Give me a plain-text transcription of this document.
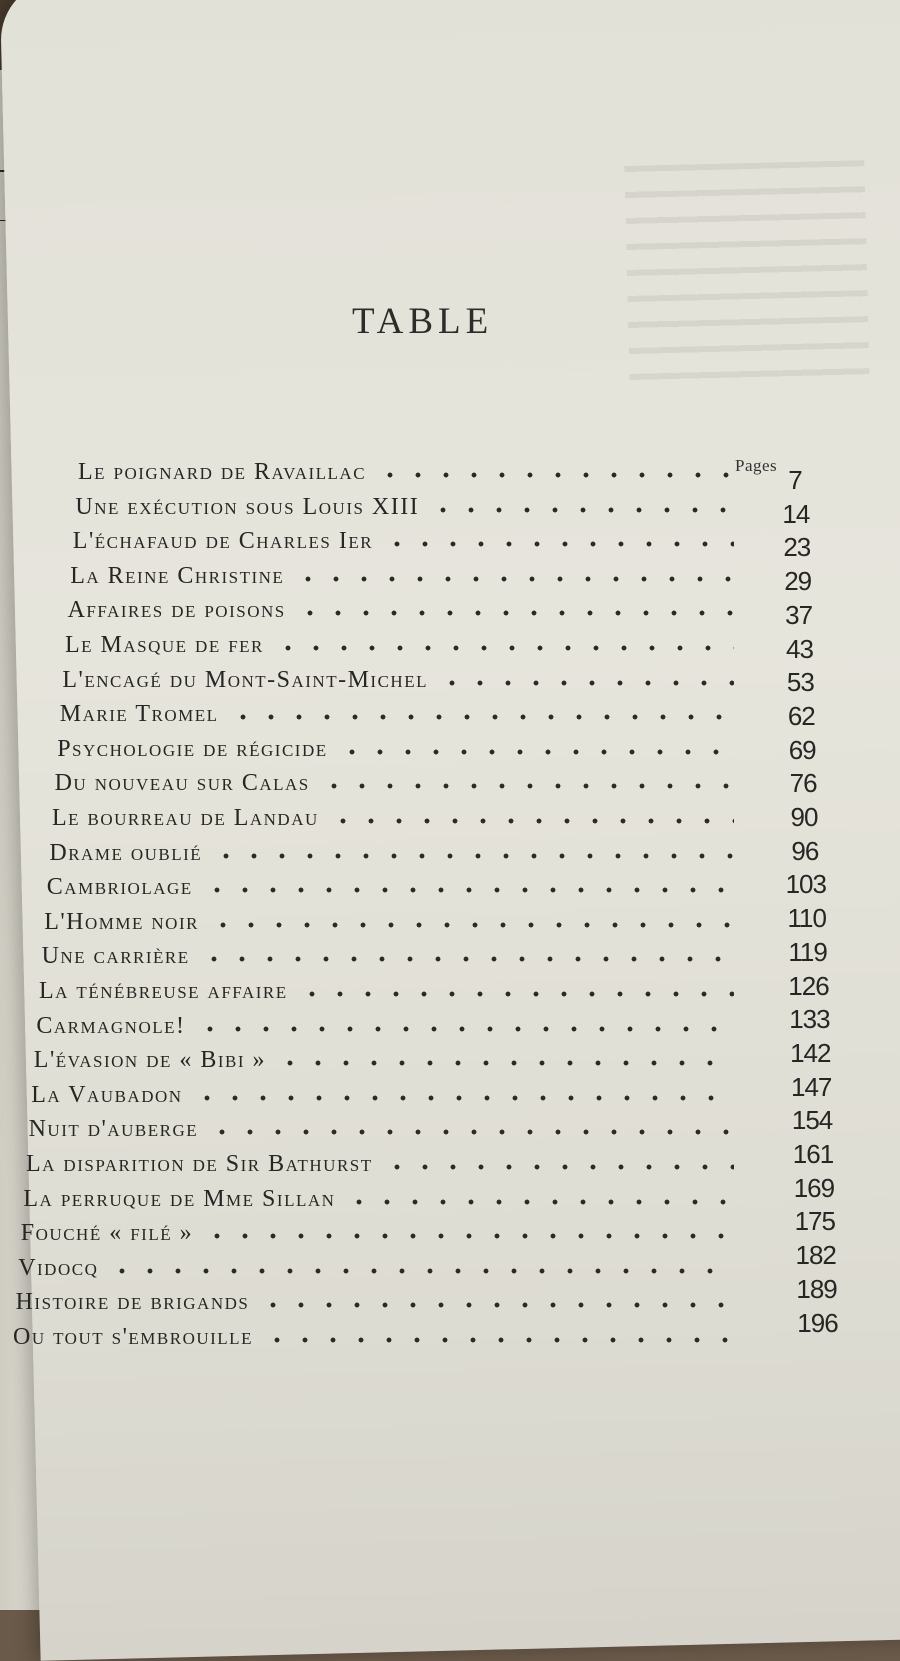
TABLE
Pages
Le poignard de Ravaillac
Une exécution sous Louis XIII
L'échafaud de Charles Ier
La Reine Christine
Affaires de poisons
Le Masque de fer
L'encagé du Mont-Saint-Michel
Marie Tromel
Psychologie de régicide
Du nouveau sur Calas
Le bourreau de Landau
Drame oublié
Cambriolage
L'Homme noir
Une carrière
La ténébreuse affaire
Carmagnole!
L'évasion de « Bibi »
La Vaubadon
Nuit d'auberge
La disparition de Sir Bathurst
La perruque de Mme Sillan
Fouché « filé »
Vidocq
Histoire de brigands
Ou tout s'embrouille
7
14
23
29
37
43
53
62
69
76
90
96
103
110
119
126
133
142
147
154
161
169
175
182
189
196
